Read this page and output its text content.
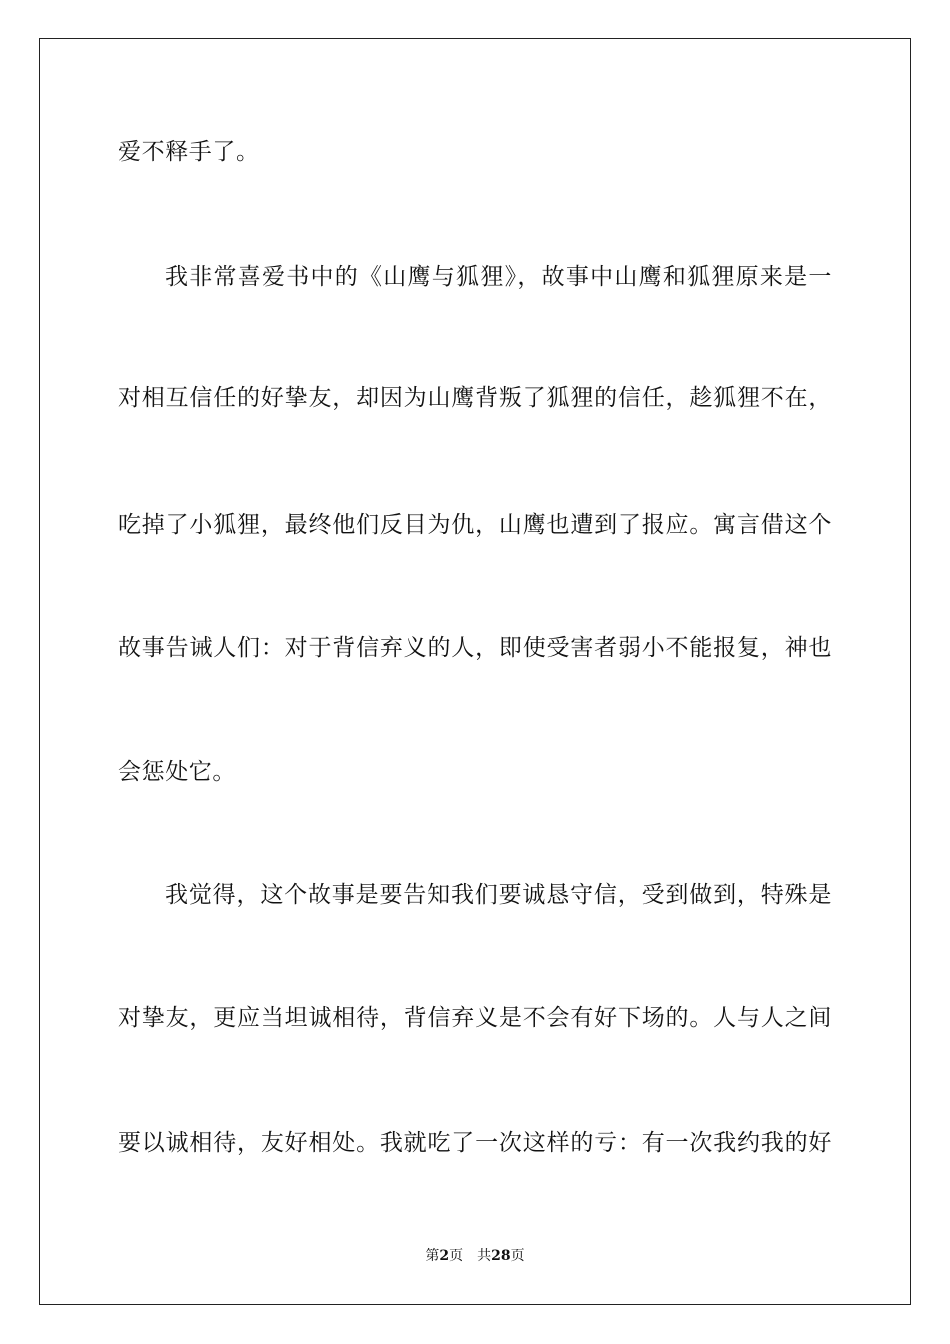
爱不释手了。
我非常喜爱书中的《山鹰与狐狸》，故事中山鹰和狐狸原来是一
对相互信任的好挚友，却因为山鹰背叛了狐狸的信任，趁狐狸不在，
吃掉了小狐狸，最终他们反目为仇，山鹰也遭到了报应。寓言借这个
故事告诫人们：对于背信弃义的人，即使受害者弱小不能报复，神也
会惩处它。
我觉得，这个故事是要告知我们要诚恳守信，受到做到，特殊是
对挚友，更应当坦诚相待，背信弃义是不会有好下场的。人与人之间
要以诚相待，友好相处。我就吃了一次这样的亏：有一次我约我的好
第2页　共28页
